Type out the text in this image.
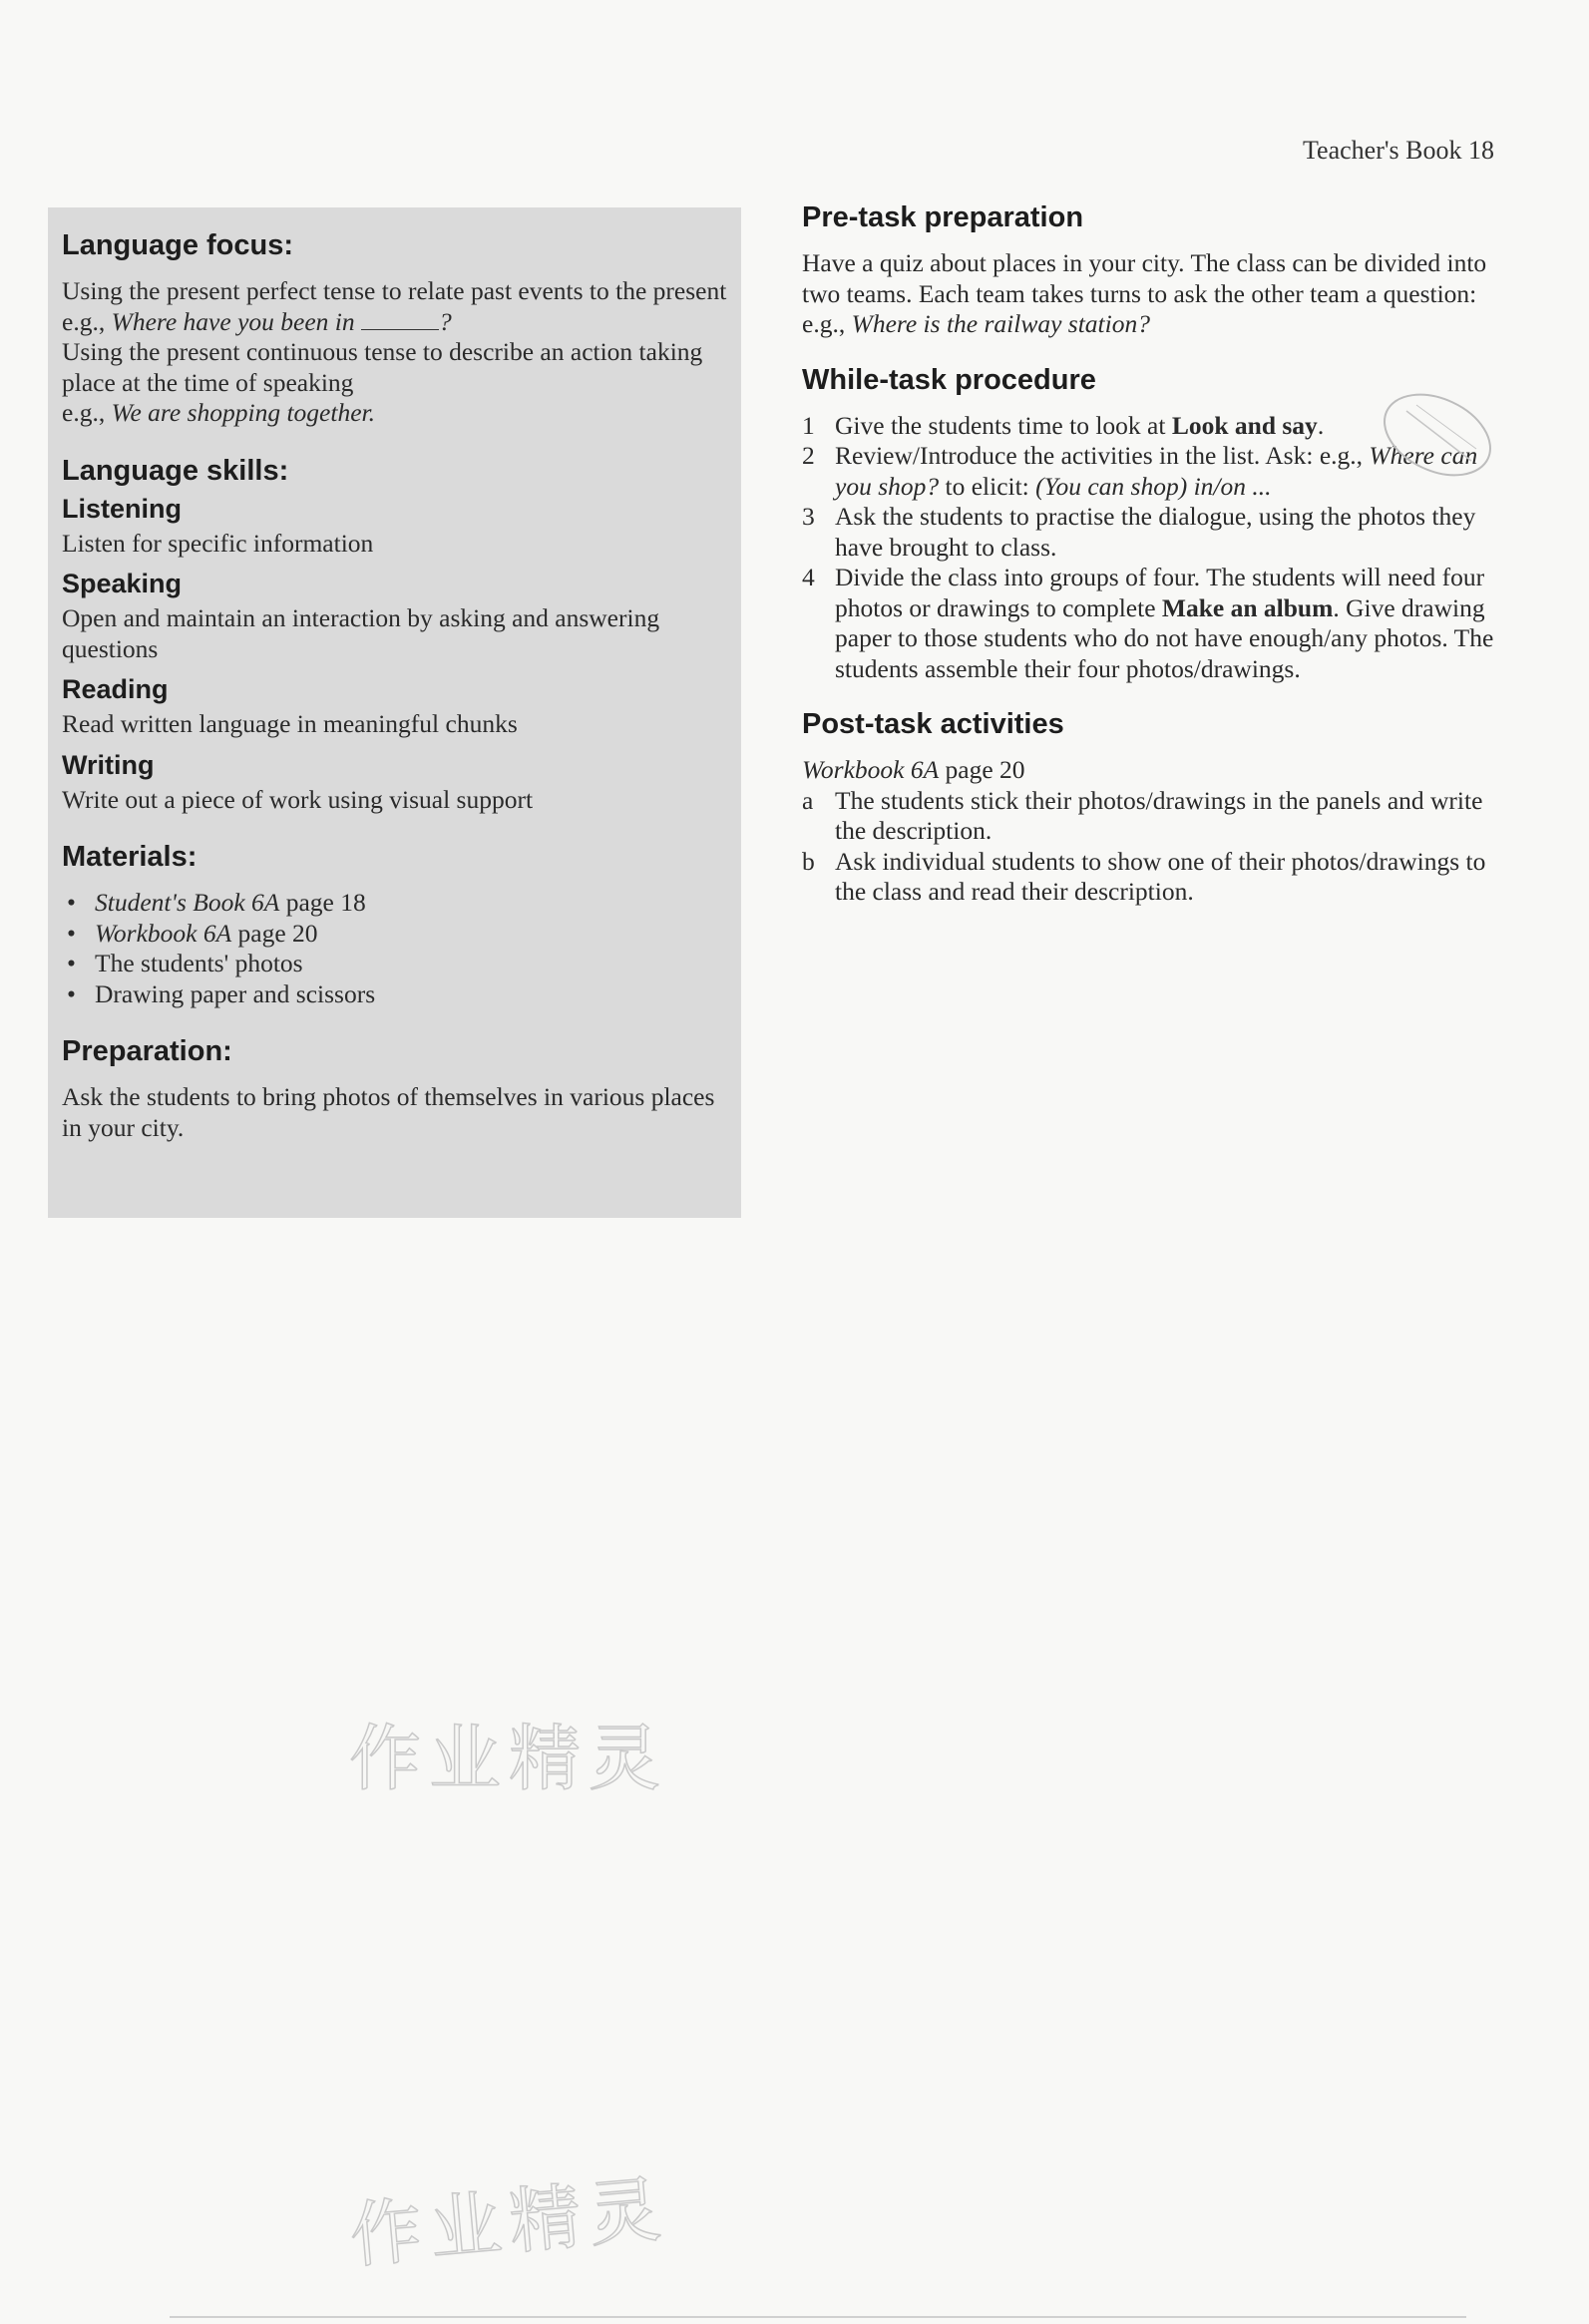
Teacher's Book 18
Language focus:

Using the present perfect tense to relate past events to the present

e.g., Where have you been in	?

Using the present continuous tense to describe an action taking place at the time of speaking

e.g., We are shopping together.

Language skills:
Listening

Listen for specific information

Speaking

Open and maintain an interaction by asking and answering questions

Reading

Read written language in meaningful chunks

Writing

Write out a piece of work using visual support

Materials:
• Student's Book 6A page 18
• Workbook 6A page 20
• The students' photos
• Drawing paper and scissors
Preparation:

Ask the students to bring photos of themselves in various places in your city.

Pre-task preparation

Have a quiz about places in your city. The class can be divided into two teams. Each team takes turns to ask the other team a question: e.g., Where is the railway station?

While-task procedure
1 Give the students time to look at Look and say.
2 Review/Introduce the activities in the list. Ask: e.g., Where can you shop? to elicit: (You can shop) in/on ...
3 Ask the students to practise the dialogue, using the photos they have brought to class.
4 Divide the class into groups of four. The students will need four photos or drawings to complete Make an album. Give drawing paper to those students who do not have enough/any photos. The students assemble their four photos/drawings.
Post-task activities

Workbook 6A page 20

a The students stick their photos/drawings in the panels and write the description.
b Ask individual students to show one of their photos/drawings to the class and read their description.
作业精灵
作业精灵
